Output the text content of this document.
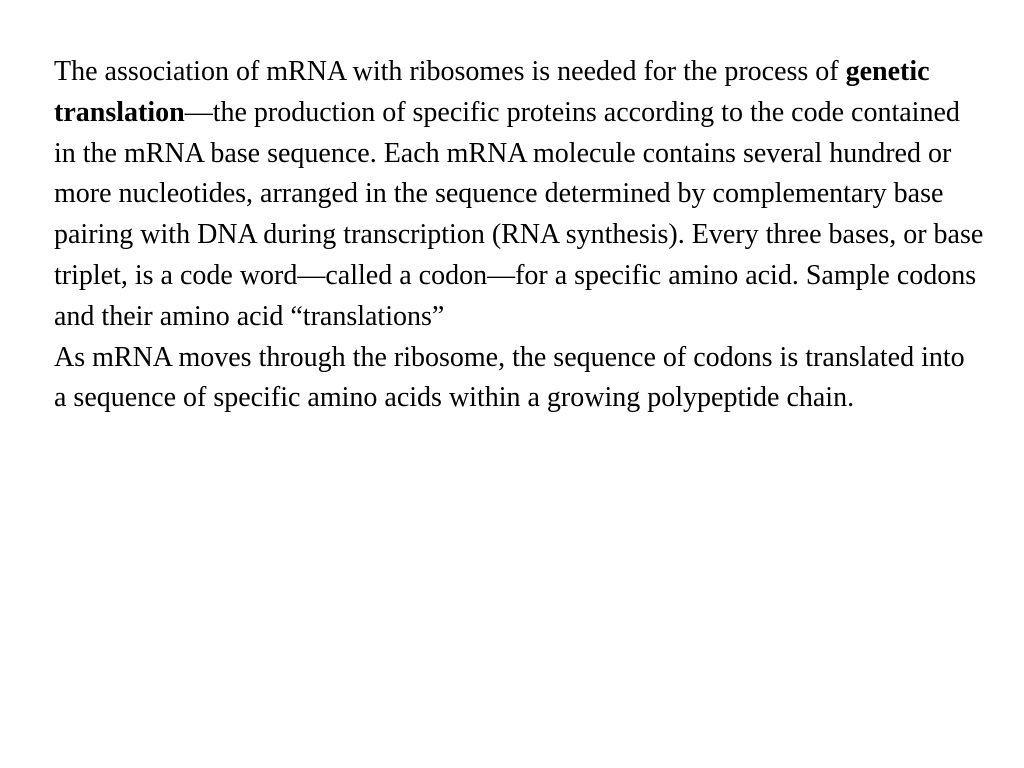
The association of mRNA with ribosomes is needed for the process of genetic translation—the production of specific proteins according to the code contained in the mRNA base sequence. Each mRNA molecule contains several hundred or more nucleotides, arranged in the sequence determined by complementary base pairing with DNA during transcription (RNA synthesis). Every three bases, or base triplet, is a code word—called a codon—for a specific amino acid. Sample codons and their amino acid “translations”

As mRNA moves through the ribosome, the sequence of codons is translated into a sequence of specific amino acids within a growing polypeptide chain.
